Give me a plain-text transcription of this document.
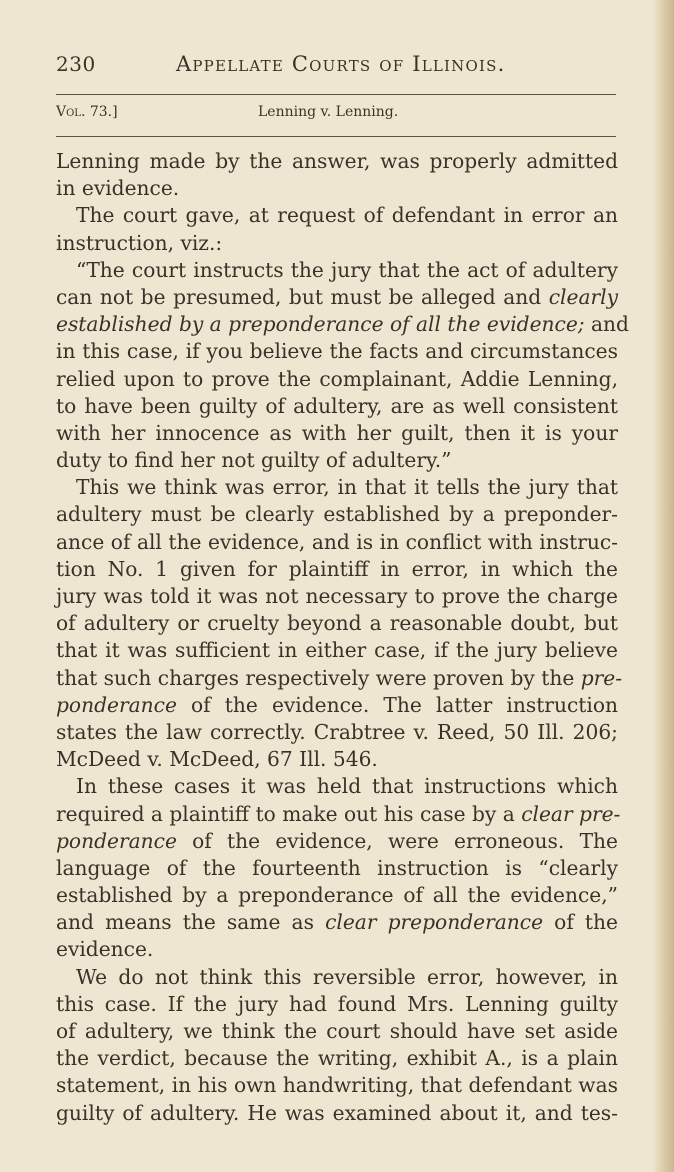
230	Appellate Courts of Illinois.
Vol. 73.]	Lenning v. Lenning.
Lenning made by the answer, was properly admitted
in evidence.
The court gave, at request of defendant in error an
instruction, viz.:
“The court instructs the jury that the act of adultery
can not be presumed, but must be alleged and clearly
established by a preponderance of all the evidence; and
in this case, if you believe the facts and circumstances
relied upon to prove the complainant, Addie Lenning,
to have been guilty of adultery, are as well consistent
with her innocence as with her guilt, then it is your
duty to find her not guilty of adultery.”
This we think was error, in that it tells the jury that
adultery must be clearly established by a preponder-
ance of all the evidence, and is in conflict with instruc-
tion No. 1 given for plaintiff in error, in which the
jury was told it was not necessary to prove the charge
of adultery or cruelty beyond a reasonable doubt, but
that it was sufficient in either case, if the jury believe
that such charges respectively were proven by the pre-
ponderance of the evidence. The latter instruction
states the law correctly. Crabtree v. Reed, 50 Ill. 206;
McDeed v. McDeed, 67 Ill. 546.
In these cases it was held that instructions which
required a plaintiff to make out his case by a clear pre-
ponderance of the evidence, were erroneous. The
language of the fourteenth instruction is “clearly
established by a preponderance of all the evidence,”
and means the same as clear preponderance of the
evidence.
We do not think this reversible error, however, in
this case. If the jury had found Mrs. Lenning guilty
of adultery, we think the court should have set aside
the verdict, because the writing, exhibit A., is a plain
statement, in his own handwriting, that defendant was
guilty of adultery. He was examined about it, and tes-
